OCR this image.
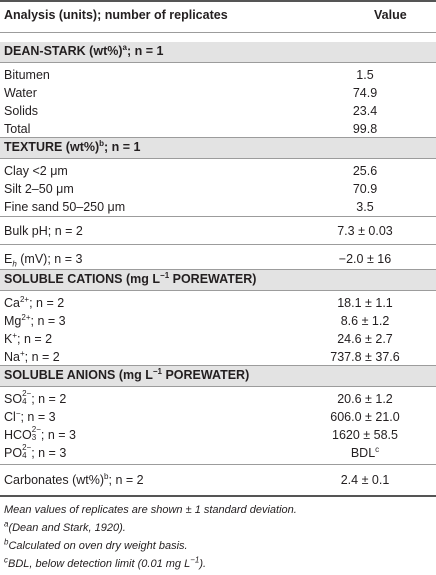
Analysis (units); number of replicates	Value
DEAN-STARK $(wt\%)^a$; n = 1
Bitumen	1.5
Water	74.9
Solids	23.4
Total	99.8
TEXTURE $(wt\%)^b$; n = 1
Clay <2 μm	25.6
Silt 2–50 μm	70.9
Fine sand 50–250 μm	3.5
Bulk pH; n = 2	7.3 ± 0.03
$E_h$ (mV); n = 3	−2.0 ± 16
SOLUBLE CATIONS (mg $L^{-1}$ POREWATER)
$Ca^{2+}$; n = 2	18.1 ± 1.1
$Mg^{2+}$; n = 3	8.6 ± 1.2
K+; n = 2	24.6 ± 2.7
Na+; n = 2	737.8 ± 37.6
SOLUBLE ANIONS (mg $L^{-1}$ POREWATER)
SO 2−
4 ; n = 2	20.6 ± 1.2
Cl−; n = 3	606.0 ± 21.0
HCO 2−
3 ; n = 3	1620 ± 58.5
PO 2−
4 ; n = 3	BDL$^c$
Carbonates $(wt\%)^b$; n = 2	2.4 ± 0.1
Mean values of replicates are shown ± 1 standard deviation.
$^a$(Dean and Stark, 1920).
$^b$Calculated on oven dry weight basis.
$^c$BDL, below detection limit (0.01 mg $L^{-1}$).
